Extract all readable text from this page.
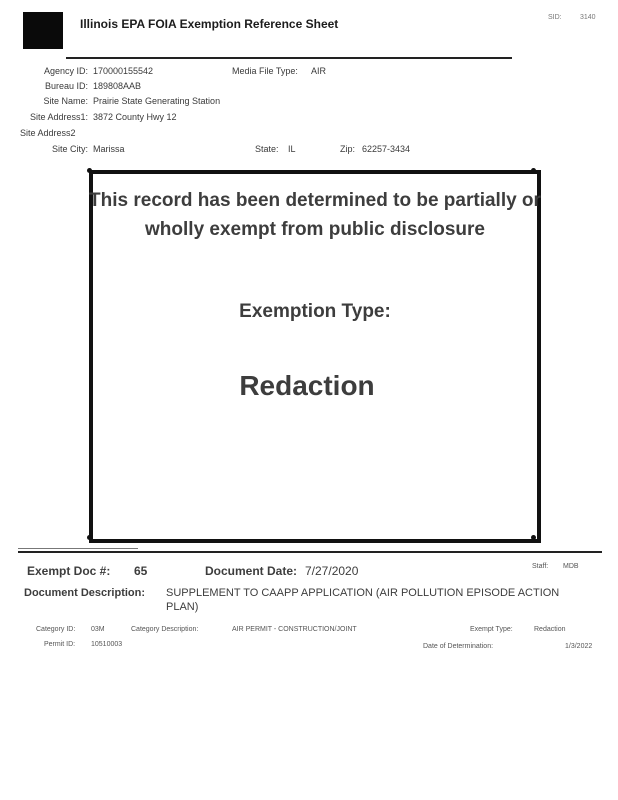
Illinois EPA FOIA Exemption Reference Sheet	SID:	3140
Agency ID: 170000155542	Media File Type: AIR
Bureau ID: 189808AAB
Site Name: Prairie State Generating Station
Site Address1: 3872 County Hwy 12
Site Address2
Site City: Marissa	State: IL	Zip: 62257-3434
This record has been determined to be partially or wholly exempt from public disclosure
Exemption Type:
Redaction
Exempt Doc #: 65	Document Date: 7/27/2020	Staff: MDB
Document Description: SUPPLEMENT TO CAAPP APPLICATION (AIR POLLUTION EPISODE ACTION PLAN)
Category ID: 03M	Category Description:	AIR PERMIT - CONSTRUCTION/JOINT	Exempt Type:	Redaction
Permit ID: 10510003	Date of Determination:	1/3/2022
